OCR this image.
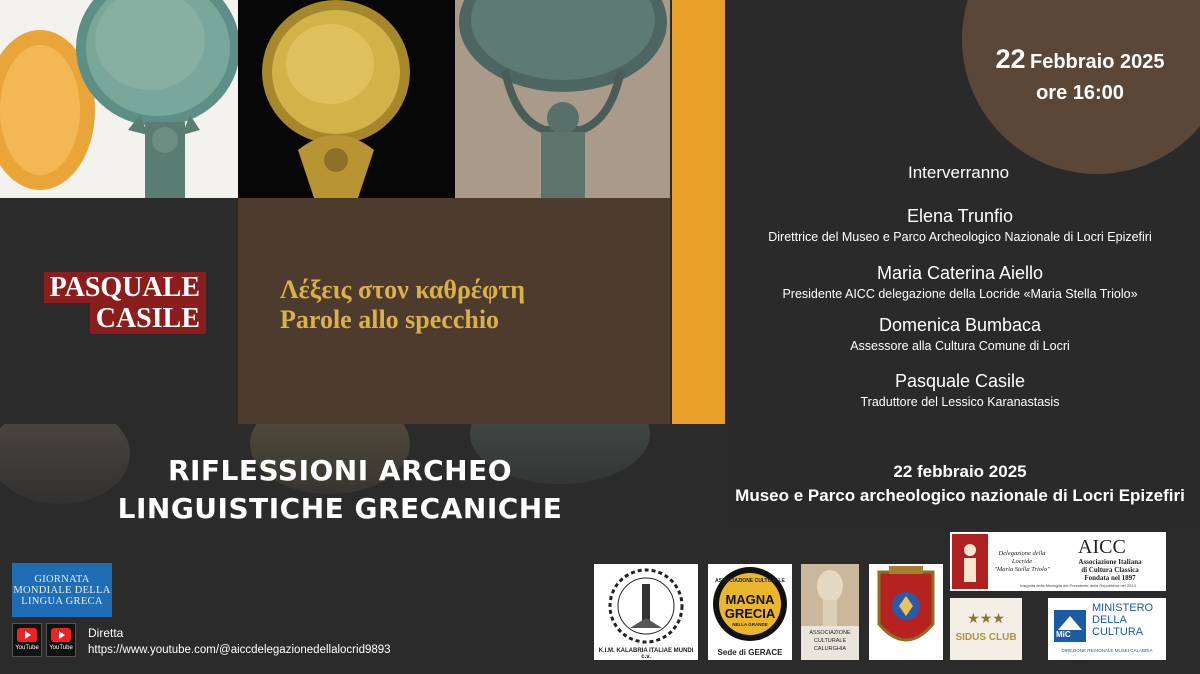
PASQUALE
CASILE
Λέξεις στον καθρέφτη
Parole allo specchio
RIFLESSIONI ARCHEO
LINGUISTICHE GRECANICHE
22 Febbraio 2025
ore 16:00
Interverranno
Elena Trunfio
Direttrice del Museo e Parco Archeologico Nazionale di Locri Epizefiri
Maria Caterina Aiello
Presidente AICC delegazione della Locride «Maria Stella Triolo»
Domenica Bumbaca
Assessore alla Cultura Comune di Locri
Pasquale Casile
Traduttore del Lessico Karanastasis
22 febbraio 2025
Museo e Parco archeologico nazionale di Locri Epizefiri
GIORNATA
MONDIALE DELLA
LINGUA GRECA
YouTube YouTube
Diretta
https://www.youtube.com/@aiccdelegazionedellalocrid9893	K.I.M. KALABRIA ITALIAE MUNDI c.v.
ASSOCIAZIONE CULTURALE
MAGNA
GRECIA
NELLA GRANDE
Sede di GERACE
ASSOCIAZIONE
CULTURALE
CALURGHIA
Delegazione della Locride
"Maria Stella Triolo"
AICC
Associazione Italiana
di Cultura Classica
Fondata nel 1897
Insignita della Medaglia del Presidente della Repubblica nel 2013
★★★
SIDUS CLUB	MiC
MINISTERO
DELLA
CULTURA
DIREZIONE REGIONALE MUSEI CALABRIA
